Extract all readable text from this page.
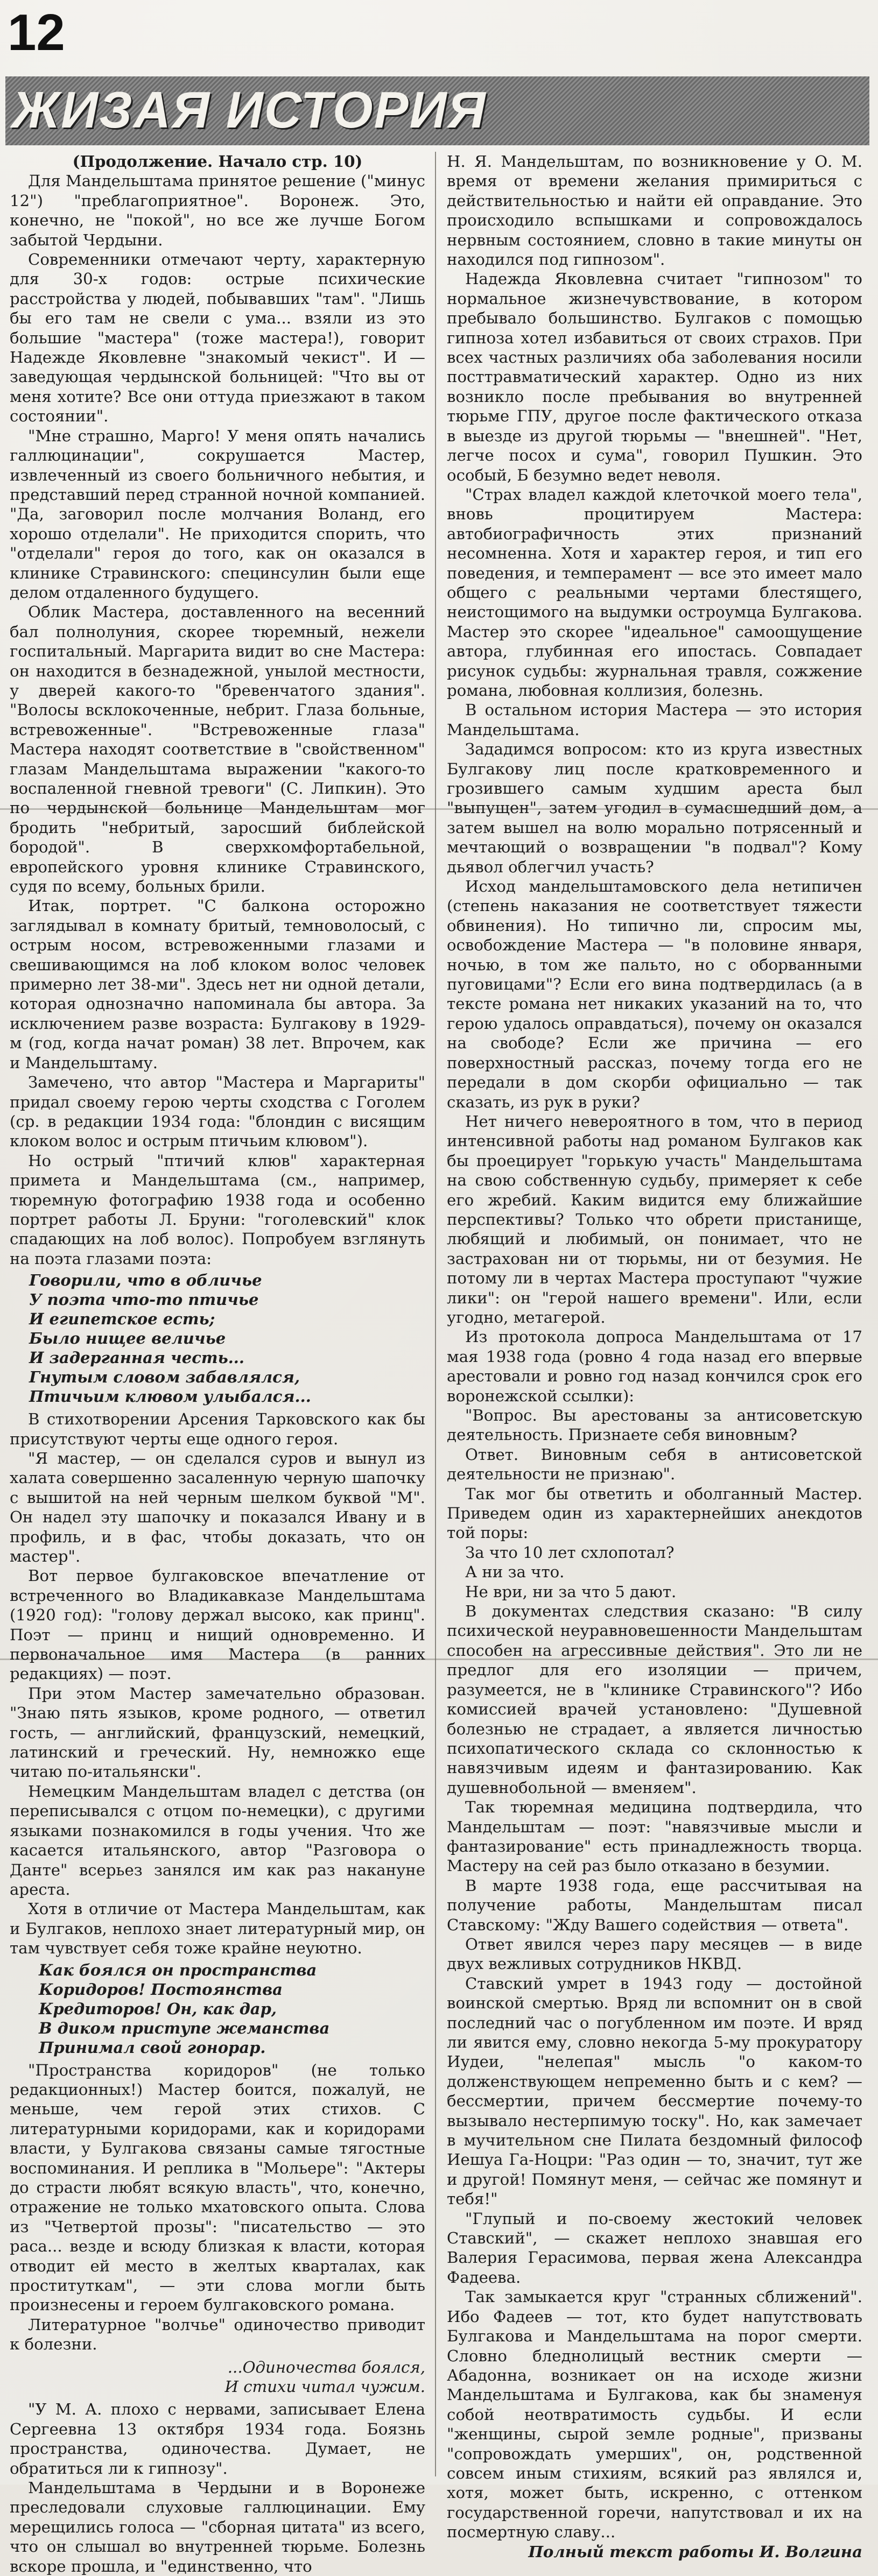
12
ЖИЗАЯ ИСТОРИЯ

(Продолжение. Начало стр. 10)

Для Мандельштама принятое решение ("минус 12") "преблагоприятное". Воронеж. Это, конечно, не "покой", но все же лучше Богом забытой Чердыни.

Современники отмечают черту, характерную для 30-х годов: острые психические расстройства у людей, побывавших "там". "Лишь бы его там не свели с ума... взяли из это большие "мастера" (тоже мастера!), говорит Надежде Яковлевне "знакомый чекист". И — заведующая чердынской больницей: "Что вы от меня хотите? Все они оттуда приезжают в таком состоянии".

"Мне страшно, Марго! У меня опять начались галлюцинации", сокрушается Мастер, извлеченный из своего больничного небытия, и представший перед странной ночной компанией. "Да, заговорил после молчания Воланд, его хорошо отделали". Не приходится спорить, что "отделали" героя до того, как он оказался в клинике Стравинского: специнсулин были еще делом отдаленного будущего.

Облик Мастера, доставленного на весенний бал полнолуния, скорее тюремный, нежели госпитальный. Маргарита видит во сне Мастера: он находится в безнадежной, унылой местности, у дверей какого-то "бревенчатого здания". "Волосы всклокоченные, небрит. Глаза больные, встревоженные". "Встревоженные глаза" Мастера находят соответствие в "свойственном" глазам Мандельштама выражении "какого-то воспаленной гневной тревоги" (С. Липкин). Это по чердынской больнице Мандельштам мог бродить "небритый, заросший библейской бородой". В сверхкомфортабельной, европейского уровня клинике Стравинского, судя по всему, больных брили.

Итак, портрет. "С балкона осторожно заглядывал в комнату бритый, темноволосый, с острым носом, встревоженными глазами и свешивающимся на лоб клоком волос человек примерно лет 38-ми". Здесь нет ни одной детали, которая однозначно напоминала бы автора. За исключением разве возраста: Булгакову в 1929-м (год, когда начат роман) 38 лет. Впрочем, как и Мандельштаму.

Замечено, что автор "Мастера и Маргариты" придал своему герою черты сходства с Гоголем (ср. в редакции 1934 года: "блондин с висящим клоком волос и острым птичьим клювом").

Но острый "птичий клюв" характерная примета и Мандельштама (см., например, тюремную фотографию 1938 года и особенно портрет работы Л. Бруни: "гоголевский" клок спадающих на лоб волос). Попробуем взглянуть на поэта глазами поэта:

Говорили, что в обличье
У поэта что-то птичье
И египетское есть;
Было нищее величье
И задерганная честь...
Гнутым словом забавлялся,
Птичьим клювом улыбался...

В стихотворении Арсения Тарковского как бы присутствуют черты еще одного героя.

"Я мастер, — он сделался суров и вынул из халата совершенно засаленную черную шапочку с вышитой на ней черным шелком буквой "М". Он надел эту шапочку и показался Ивану и в профиль, и в фас, чтобы доказать, что он мастер".

Вот первое булгаковское впечатление от встреченного во Владикавказе Мандельштама (1920 год): "голову держал высоко, как принц". Поэт — принц и нищий одновременно. И первоначальное имя Мастера (в ранних редакциях) — поэт.

При этом Мастер замечательно образован. "Знаю пять языков, кроме родного, — ответил гость, — английский, французский, немецкий, латинский и греческий. Ну, немножко еще читаю по-итальянски".

Немецким Мандельштам владел с детства (он переписывался с отцом по-немецки), с другими языками познакомился в годы учения. Что же касается итальянского, автор "Разговора о Данте" всерьез занялся им как раз накануне ареста.

Хотя в отличие от Мастера Мандельштам, как и Булгаков, неплохо знает литературный мир, он там чувствует себя тоже крайне неуютно.

Как боялся он пространства
Коридоров! Постоянства
Кредиторов! Он, как дар,
В диком приступе жеманства
Принимал свой гонорар.

"Пространства коридоров" (не только редакционных!) Мастер боится, пожалуй, не меньше, чем герой этих стихов. С литературными коридорами, как и коридорами власти, у Булгакова связаны самые тягостные воспоминания. И реплика в "Мольере": "Актеры до страсти любят всякую власть", что, конечно, отражение не только мхатовского опыта. Слова из "Четвертой прозы": "писательство — это раса... везде и всюду близкая к власти, которая отводит ей место в желтых кварталах, как проституткам", — эти слова могли быть произнесены и героем булгаковского романа.

Литературное "волчье" одиночество приводит к болезни.

...Одиночества боялся,
И стихи читал чужим.

"У М. А. плохо с нервами, записывает Елена Сергеевна 13 октября 1934 года. Боязнь пространства, одиночества. Думает, не обратиться ли к гипнозу".

Мандельштама в Чердыни и в Воронеже преследовали слуховые галлюцинации. Ему мерещились голоса — "сборная цитата" из всего, что он слышал во внутренней тюрьме. Болезнь вскоре прошла, и "единственно, что

Н. Я. Мандельштам, по возникновение у О. М. время от времени желания примириться с действительностью и найти ей оправдание. Это происходило вспышками и сопровождалось нервным состоянием, словно в такие минуты он находился под гипнозом".

Надежда Яковлевна считает "гипнозом" то нормальное жизнечувствование, в котором пребывало большинство. Булгаков с помощью гипноза хотел избавиться от своих страхов. При всех частных различиях оба заболевания носили посттравматический характер. Одно из них возникло после пребывания во внутренней тюрьме ГПУ, другое после фактического отказа в выезде из другой тюрьмы — "внешней". "Нет, легче посох и сума", говорил Пушкин. Это особый, Б безумно ведет неволя.

"Страх владел каждой клеточкой моего тела", вновь процитируем Мастера: автобиографичность этих признаний несомненна. Хотя и характер героя, и тип его поведения, и темперамент — все это имеет мало общего с реальными чертами блестящего, неистощимого на выдумки остроумца Булгакова. Мастер это скорее "идеальное" самоощущение автора, глубинная его ипостась. Совпадает рисунок судьбы: журнальная травля, сожжение романа, любовная коллизия, болезнь.

В остальном история Мастера — это история Мандельштама.

Зададимся вопросом: кто из круга известных Булгакову лиц после кратковременного и грозившего самым худшим ареста был "выпущен", затем угодил в сумасшедший дом, а затем вышел на волю морально потрясенный и мечтающий о возвращении "в подвал"? Кому дьявол облегчил участь?

Исход мандельштамовского дела нетипичен (степень наказания не соответствует тяжести обвинения). Но типично ли, спросим мы, освобождение Мастера — "в половине января, ночью, в том же пальто, но с оборванными пуговицами"? Если его вина подтвердилась (а в тексте романа нет никаких указаний на то, что герою удалось оправдаться), почему он оказался на свободе? Если же причина — его поверхностный рассказ, почему тогда его не передали в дом скорби официально — так сказать, из рук в руки?

Нет ничего невероятного в том, что в период интенсивной работы над романом Булгаков как бы проецирует "горькую участь" Мандельштама на свою собственную судьбу, примеряет к себе его жребий. Каким видится ему ближайшие перспективы? Только что обрети пристанище, любящий и любимый, он понимает, что не застрахован ни от тюрьмы, ни от безумия. Не потому ли в чертах Мастера проступают "чужие лики": он "герой нашего времени". Или, если угодно, метагерой.

Из протокола допроса Мандельштама от 17 мая 1938 года (ровно 4 года назад его впервые арестовали и ровно год назад кончился срок его воронежской ссылки):

"Вопрос. Вы арестованы за антисоветскую деятельность. Признаете себя виновным?

Ответ. Виновным себя в антисоветской деятельности не признаю".

Так мог бы ответить и оболганный Мастер. Приведем один из характернейших анекдотов той поры:

За что 10 лет схлопотал?

А ни за что.

Не ври, ни за что 5 дают.

В документах следствия сказано: "В силу психической неуравновешенности Мандельштам способен на агрессивные действия". Это ли не предлог для его изоляции — причем, разумеется, не в "клинике Стравинского"? Ибо комиссией врачей установлено: "Душевной болезнью не страдает, а является личностью психопатического склада со склонностью к навязчивым идеям и фантазированию. Как душевнобольной — вменяем".

Так тюремная медицина подтвердила, что Мандельштам — поэт: "навязчивые мысли и фантазирование" есть принадлежность творца. Мастеру на сей раз было отказано в безумии.

В марте 1938 года, еще рассчитывая на получение работы, Мандельштам писал Ставскому: "Жду Вашего содействия — ответа".

Ответ явился через пару месяцев — в виде двух вежливых сотрудников НКВД.

Ставский умрет в 1943 году — достойной воинской смертью. Вряд ли вспомнит он в свой последний час о погубленном им поэте. И вряд ли явится ему, словно некогда 5-му прокуратору Иудеи, "нелепая" мысль "о каком-то долженствующем непременно быть и с кем? — бессмертии, причем бессмертие почему-то вызывало нестерпимую тоску". Но, как замечает в мучительном сне Пилата бездомный философ Иешуа Га-Ноцри: "Раз один — то, значит, тут же и другой! Помянут меня, — сейчас же помянут и тебя!"

"Глупый и по-своему жестокий человек Ставский", — скажет неплохо знавшая его Валерия Герасимова, первая жена Александра Фадеева.

Так замыкается круг "странных сближений". Ибо Фадеев — тот, кто будет напутствовать Булгакова и Мандельштама на порог смерти. Словно бледнолицый вестник смерти — Абадонна, возникает он на исходе жизни Мандельштама и Булгакова, как бы знаменуя собой неотвратимость судьбы. И если "женщины, сырой земле родные", призваны "сопровождать умерших", он, родственной совсем иным стихиям, всякий раз являлся и, хотя, может быть, искренно, с оттенком государственной горечи, напутствовал и их на посмертную славу...

Полный текст работы И. Волгина
